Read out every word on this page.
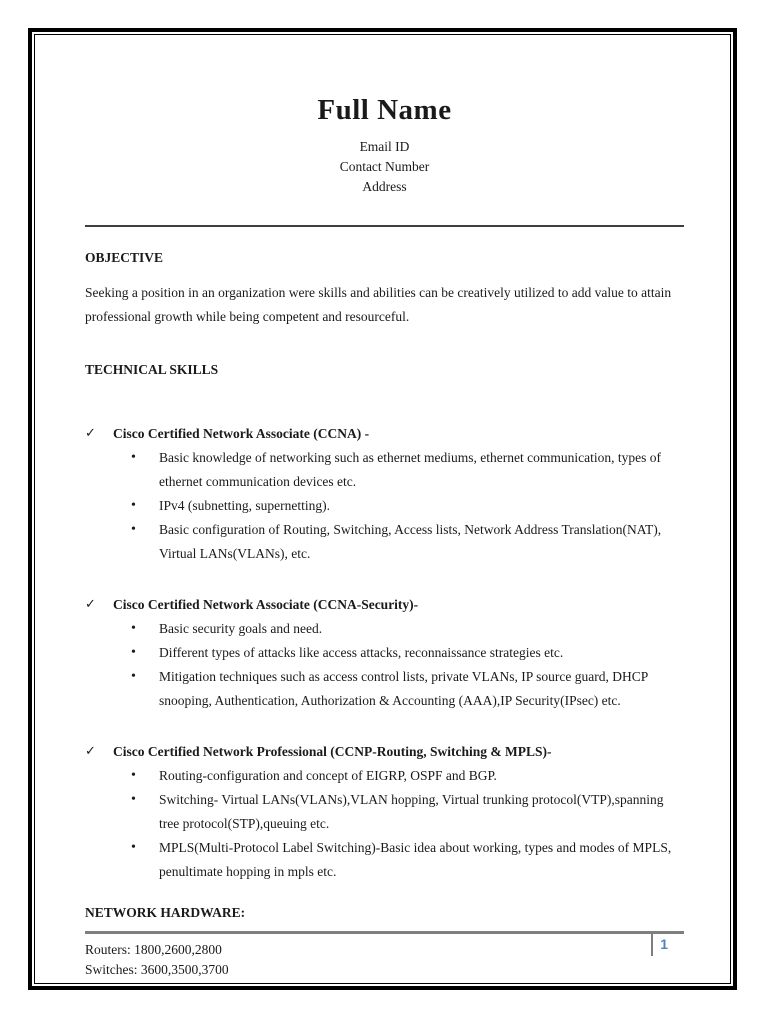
Full Name
Email ID
Contact Number
Address
OBJECTIVE

Seeking a position in an organization were skills and abilities can be creatively utilized to add value to attain professional growth while being competent and resourceful.

TECHNICAL SKILLS
✓	Cisco Certified Network Associate (CCNA) -
•	Basic knowledge of networking such as ethernet mediums, ethernet communication, types of ethernet communication devices etc.
•	IPv4 (subnetting, supernetting).
•	Basic configuration of Routing, Switching, Access lists, Network Address Translation(NAT), Virtual LANs(VLANs), etc.
✓	Cisco Certified Network Associate (CCNA-Security)-
•	Basic security goals and need.
•	Different types of attacks like access attacks, reconnaissance strategies etc.
•	Mitigation techniques such as access control lists, private VLANs, IP source guard, DHCP snooping, Authentication, Authorization & Accounting (AAA),IP Security(IPsec) etc.
✓	Cisco Certified Network Professional (CCNP-Routing, Switching & MPLS)-
•	Routing-configuration and concept of EIGRP, OSPF and BGP.
•	Switching- Virtual LANs(VLANs),VLAN hopping, Virtual trunking protocol(VTP),spanning tree protocol(STP),queuing etc.
•	MPLS(Multi-Protocol Label Switching)-Basic idea about working, types and modes of MPLS, penultimate hopping in mpls etc.
NETWORK HARDWARE:
Routers: 1800,2600,2800
Switches: 3600,3500,3700
1
